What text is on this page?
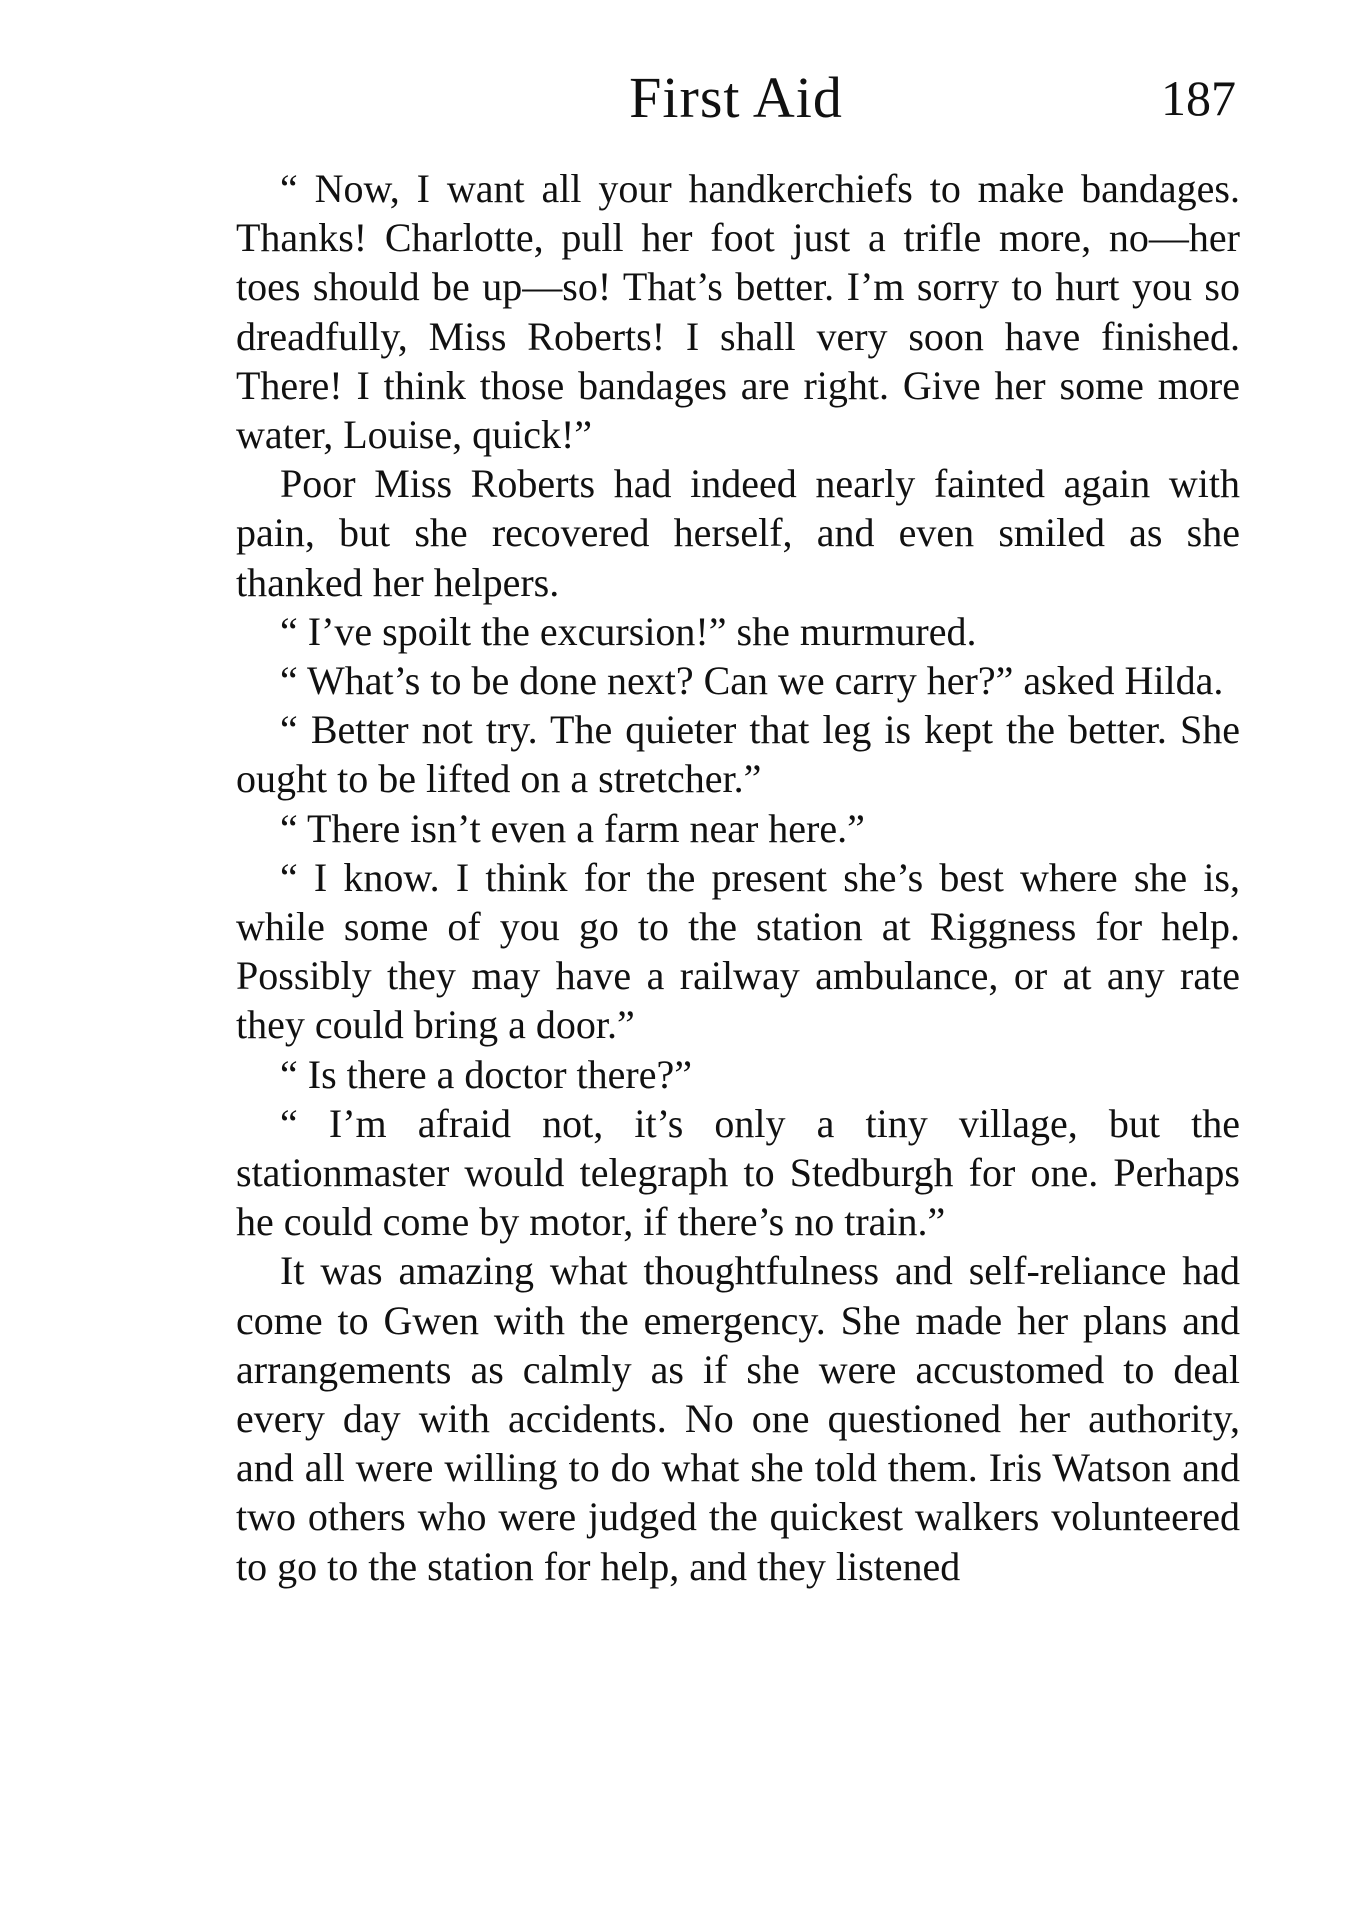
First Aid	187

“ Now, I want all your handkerchiefs to make bandages. Thanks! Charlotte, pull her foot just a trifle more, no—her toes should be up—so! That’s better. I’m sorry to hurt you so dreadfully, Miss Roberts! I shall very soon have finished. There! I think those bandages are right. Give her some more water, Louise, quick!”

Poor Miss Roberts had indeed nearly fainted again with pain, but she recovered herself, and even smiled as she thanked her helpers.

“ I’ve spoilt the excursion!” she murmured.

“ What’s to be done next? Can we carry her?” asked Hilda.

“ Better not try. The quieter that leg is kept the better. She ought to be lifted on a stretcher.”

“ There isn’t even a farm near here.”

“ I know. I think for the present she’s best where she is, while some of you go to the station at Riggness for help. Possibly they may have a railway ambulance, or at any rate they could bring a door.”

“ Is there a doctor there?”

“ I’m afraid not, it’s only a tiny village, but the stationmaster would telegraph to Stedburgh for one. Perhaps he could come by motor, if there’s no train.”

It was amazing what thoughtfulness and self-reliance had come to Gwen with the emergency. She made her plans and arrangements as calmly as if she were accustomed to deal every day with accidents. No one questioned her authority, and all were willing to do what she told them. Iris Watson and two others who were judged the quickest walkers volunteered to go to the station for help, and they listened
